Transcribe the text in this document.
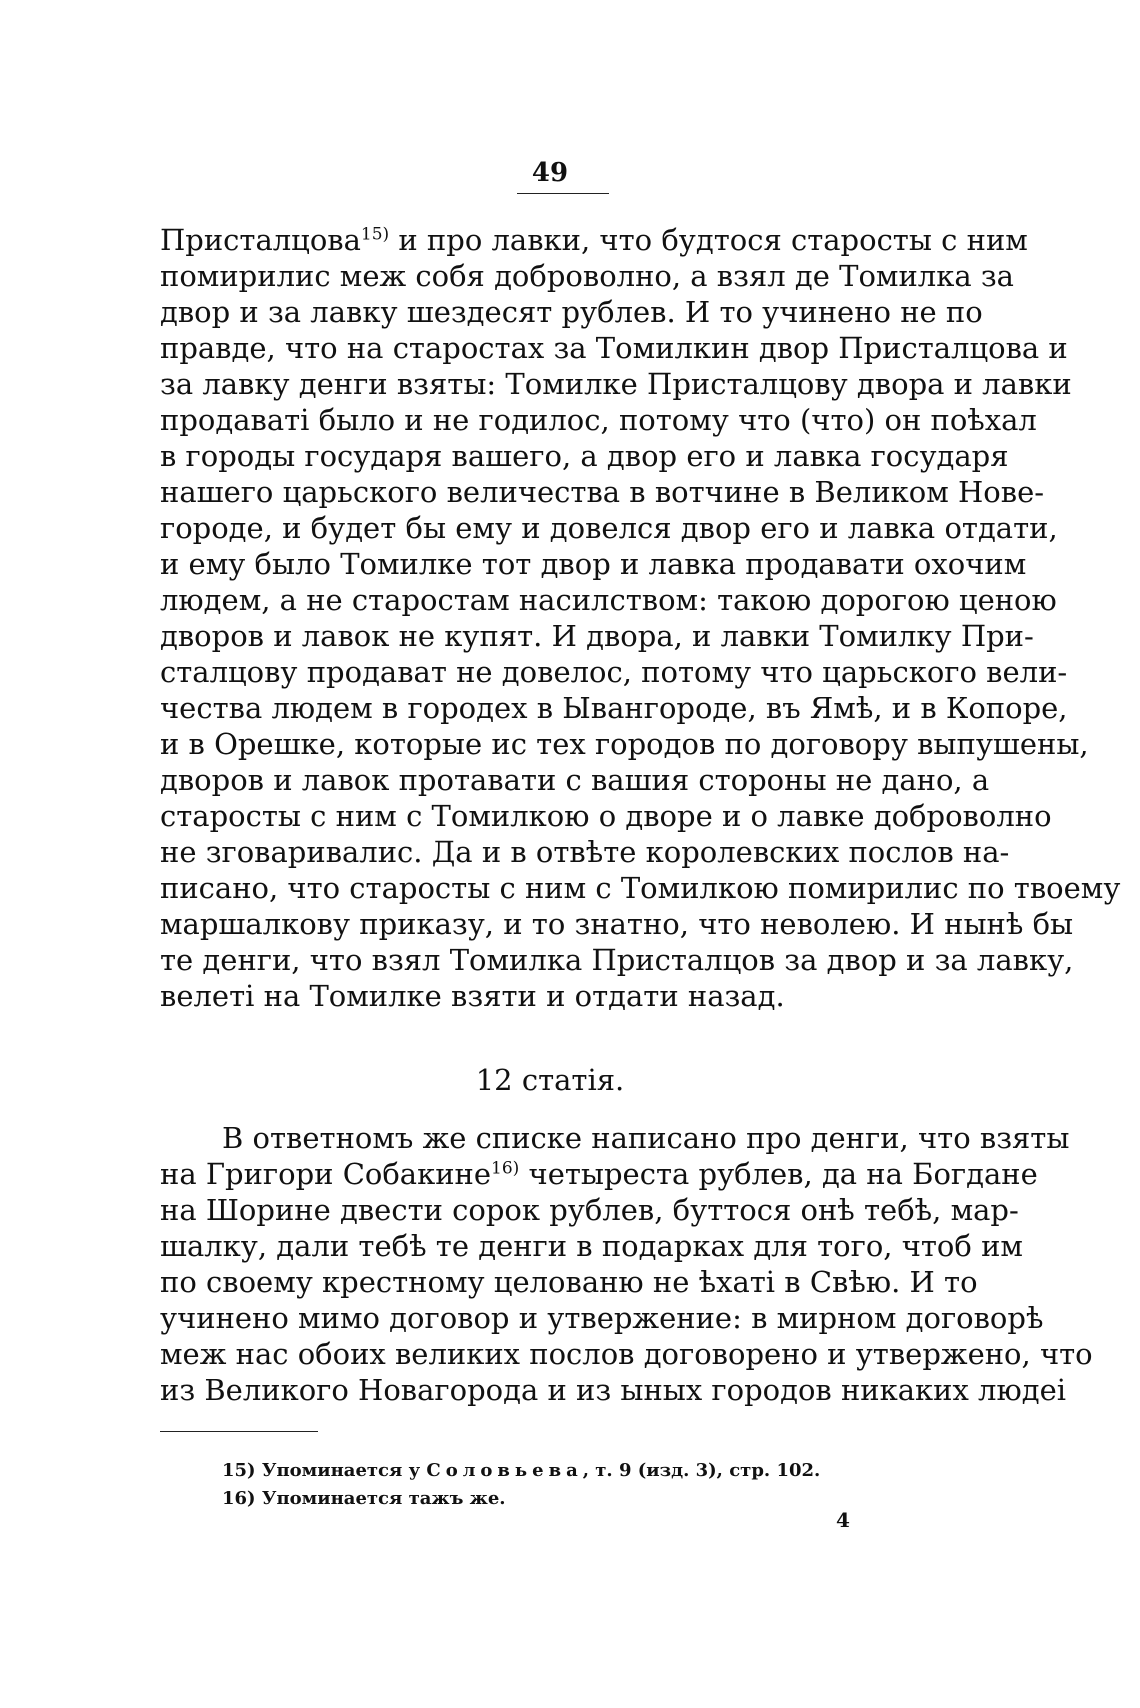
49
Присталцова$^{15)}$ и про лавки, что будтося старосты с ним
помирилис меж собя доброволно, а взял де Томилка за
двор и за лавку шездесят рублев. И то учинено не по
правде, что на старостах за Томилкин двор Присталцова и
за лавку денги взяты: Томилке Присталцову двора и лавки
продаваті было и не годилос, потому что (что) он поѣхал
в городы государя вашего, а двор его и лавка государя
нашего царьского величества в вотчине в Великом Нове-
городе, и будет бы ему и довелся двор его и лавка отдати,
и ему было Томилке тот двор и лавка продавати охочим
людем, а не старостам насилством: такою дорогою ценою
дворов и лавок не купят. И двора, и лавки Томилку При-
сталцову продават не довелос, потому что царьского вели-
чества людем в городех в Ывангороде, въ Ямѣ, и в Копоре,
и в Орешке, которые ис тех городов по договору выпушены,
дворов и лавок протавати с вашия стороны не дано, а
старосты с ним с Томилкою о дворе и о лавке доброволно
не зговаривалис. Да и в отвѣте королевских послов на-
писано, что старосты с ним с Томилкою помирилис по твоему
маршалкову приказу, и то знатно, что неволею. И нынѣ бы
те денги, что взял Томилка Присталцов за двор и за лавку,
велеті на Томилке взяти и отдати назад.
12 статія.
В ответномъ же списке написано про денги, что взяты
на Григори Собакине$^{16)}$ четыреста рублев, да на Богдане
на Шорине двести сорок рублев, буттося онѣ тебѣ, мар-
шалку, дали тебѣ те денги в подарках для того, чтоб им
по своему крестному целованю не ѣхаті в Свѣю. И то
учинено мимо договор и утвержение: в мирном договорѣ
меж нас обоих великих послов договорено и утвержено, что
из Великого Новагорода и из ыных городов никаких людеі
15) Упоминается у Соловьева, т. 9 (изд. 3), стр. 102.
16) Упоминается тажъ же.
4
